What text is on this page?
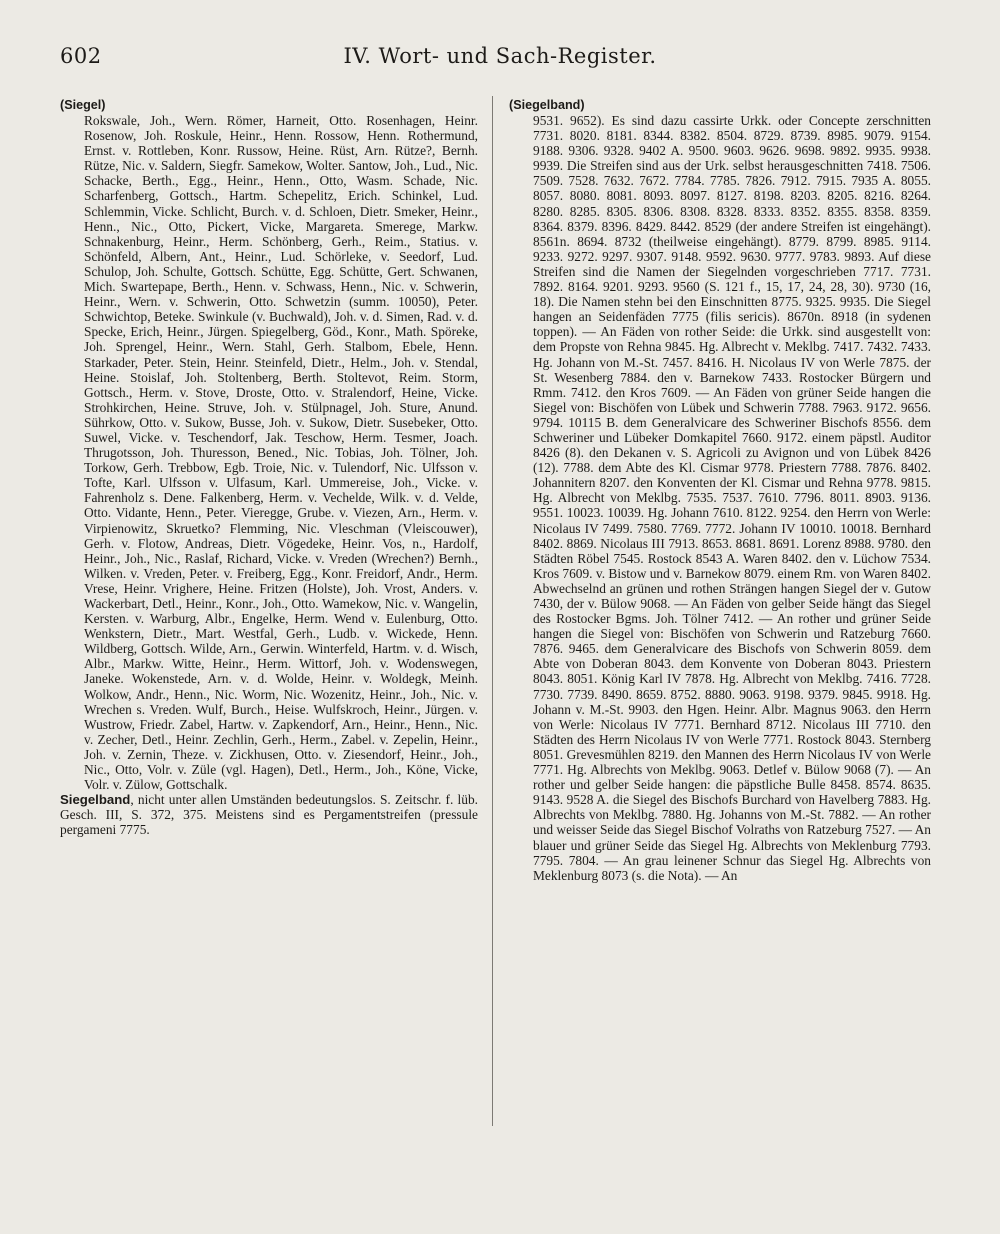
602	IV. Wort- und Sach-Register.
(Siegel)

Rokswale, Joh., Wern. Römer, Harneit, Otto. Rosenhagen, Heinr. Rosenow, Joh. Roskule, Heinr., Henn. Rossow, Henn. Rothermund, Ernst. v. Rottleben, Konr. Russow, Heine. Rüst, Arn. Rütze?, Bernh. Rütze, Nic. v. Saldern, Siegfr. Samekow, Wolter. Santow, Joh., Lud., Nic. Schacke, Berth., Egg., Heinr., Henn., Otto, Wasm. Schade, Nic. Scharfenberg, Gottsch., Hartm. Schepelitz, Erich. Schinkel, Lud. Schlemmin, Vicke. Schlicht, Burch. v. d. Schloen, Dietr. Smeker, Heinr., Henn., Nic., Otto, Pickert, Vicke, Margareta. Smerege, Markw. Schnakenburg, Heinr., Herm. Schönberg, Gerh., Reim., Statius. v. Schönfeld, Albern, Ant., Heinr., Lud. Schörleke, v. Seedorf, Lud. Schulop, Joh. Schulte, Gottsch. Schütte, Egg. Schütte, Gert. Schwanen, Mich. Swartepape, Berth., Henn. v. Schwass, Henn., Nic. v. Schwerin, Heinr., Wern. v. Schwerin, Otto. Schwetzin (summ. 10050), Peter. Schwichtop, Beteke. Swinkule (v. Buchwald), Joh. v. d. Simen, Rad. v. d. Specke, Erich, Heinr., Jürgen. Spiegelberg, Göd., Konr., Math. Spöreke, Joh. Sprengel, Heinr., Wern. Stahl, Gerh. Stalbom, Ebele, Henn. Starkader, Peter. Stein, Heinr. Steinfeld, Dietr., Helm., Joh. v. Stendal, Heine. Stoislaf, Joh. Stoltenberg, Berth. Stoltevot, Reim. Storm, Gottsch., Herm. v. Stove, Droste, Otto. v. Stralendorf, Heine, Vicke. Strohkirchen, Heine. Struve, Joh. v. Stülpnagel, Joh. Sture, Anund. Sührkow, Otto. v. Sukow, Busse, Joh. v. Sukow, Dietr. Susebeker, Otto. Suwel, Vicke. v. Teschendorf, Jak. Teschow, Herm. Tesmer, Joach. Thrugotsson, Joh. Thuresson, Bened., Nic. Tobias, Joh. Tölner, Joh. Torkow, Gerh. Trebbow, Egb. Troie, Nic. v. Tulendorf, Nic. Ulfsson v. Tofte, Karl. Ulfsson v. Ulfasum, Karl. Ummereise, Joh., Vicke. v. Fahrenholz s. Dene. Falkenberg, Herm. v. Vechelde, Wilk. v. d. Velde, Otto. Vidante, Henn., Peter. Vieregge, Grube. v. Viezen, Arn., Herm. v. Virpienowitz, Skruetko? Flemming, Nic. Vleschman (Vleiscouwer), Gerh. v. Flotow, Andreas, Dietr. Vögedeke, Heinr. Vos, n., Hardolf, Heinr., Joh., Nic., Raslaf, Richard, Vicke. v. Vreden (Wrechen?) Bernh., Wilken. v. Vreden, Peter. v. Freiberg, Egg., Konr. Freidorf, Andr., Herm. Vrese, Heinr. Vrighere, Heine. Fritzen (Holste), Joh. Vrost, Anders. v. Wackerbart, Detl., Heinr., Konr., Joh., Otto. Wamekow, Nic. v. Wangelin, Kersten. v. Warburg, Albr., Engelke, Herm. Wend v. Eulenburg, Otto. Wenkstern, Dietr., Mart. Westfal, Gerh., Ludb. v. Wickede, Henn. Wildberg, Gottsch. Wilde, Arn., Gerwin. Winterfeld, Hartm. v. d. Wisch, Albr., Markw. Witte, Heinr., Herm. Wittorf, Joh. v. Wodenswegen, Janeke. Wokenstede, Arn. v. d. Wolde, Heinr. v. Woldegk, Meinh. Wolkow, Andr., Henn., Nic. Worm, Nic. Wozenitz, Heinr., Joh., Nic. v. Wrechen s. Vreden. Wulf, Burch., Heise. Wulfskroch, Heinr., Jürgen. v. Wustrow, Friedr. Zabel, Hartw. v. Zapkendorf, Arn., Heinr., Henn., Nic. v. Zecher, Detl., Heinr. Zechlin, Gerh., Herm., Zabel. v. Zepelin, Heinr., Joh. v. Zernin, Theze. v. Zickhusen, Otto. v. Ziesendorf, Heinr., Joh., Nic., Otto, Volr. v. Züle (vgl. Hagen), Detl., Herm., Joh., Köne, Vicke, Volr. v. Zülow, Gottschalk.

Siegelband, nicht unter allen Umständen bedeutungslos. S. Zeitschr. f. lüb. Gesch. III, S. 372, 375. Meistens sind es Pergamentstreifen (pressule pergameni 7775.

(Siegelband)

9531. 9652). Es sind dazu cassirte Urkk. oder Concepte zerschnitten 7731. 8020. 8181. 8344. 8382. 8504. 8729. 8739. 8985. 9079. 9154. 9188. 9306. 9328. 9402 A. 9500. 9603. 9626. 9698. 9892. 9935. 9938. 9939. Die Streifen sind aus der Urk. selbst herausgeschnitten 7418. 7506. 7509. 7528. 7632. 7672. 7784. 7785. 7826. 7912. 7915. 7935 A. 8055. 8057. 8080. 8081. 8093. 8097. 8127. 8198. 8203. 8205. 8216. 8264. 8280. 8285. 8305. 8306. 8308. 8328. 8333. 8352. 8355. 8358. 8359. 8364. 8379. 8396. 8429. 8442. 8529 (der andere Streifen ist eingehängt). 8561n. 8694. 8732 (theilweise eingehängt). 8779. 8799. 8985. 9114. 9233. 9272. 9297. 9307. 9148. 9592. 9630. 9777. 9783. 9893. Auf diese Streifen sind die Namen der Siegelnden vorgeschrieben 7717. 7731. 7892. 8164. 9201. 9293. 9560 (S. 121 f., 15, 17, 24, 28, 30). 9730 (16, 18). Die Namen stehn bei den Einschnitten 8775. 9325. 9935. Die Siegel hangen an Seidenfäden 7775 (filis sericis). 8670n. 8918 (in sydenen toppen). — An Fäden von rother Seide: die Urkk. sind ausgestellt von: dem Propste von Rehna 9845. Hg. Albrecht v. Meklbg. 7417. 7432. 7433. Hg. Johann von M.-St. 7457. 8416. H. Nicolaus IV von Werle 7875. der St. Wesenberg 7884. den v. Barnekow 7433. Rostocker Bürgern und Rmm. 7412. den Kros 7609. — An Fäden von grüner Seide hangen die Siegel von: Bischöfen von Lübek und Schwerin 7788. 7963. 9172. 9656. 9794. 10115 B. dem Generalvicare des Schweriner Bischofs 8556. dem Schweriner und Lübeker Domkapitel 7660. 9172. einem päpstl. Auditor 8426 (8). den Dekanen v. S. Agricoli zu Avignon und von Lübek 8426 (12). 7788. dem Abte des Kl. Cismar 9778. Priestern 7788. 7876. 8402. Johannitern 8207. den Konventen der Kl. Cismar und Rehna 9778. 9815. Hg. Albrecht von Meklbg. 7535. 7537. 7610. 7796. 8011. 8903. 9136. 9551. 10023. 10039. Hg. Johann 7610. 8122. 9254. den Herrn von Werle: Nicolaus IV 7499. 7580. 7769. 7772. Johann IV 10010. 10018. Bernhard 8402. 8869. Nicolaus III 7913. 8653. 8681. 8691. Lorenz 8988. 9780. den Städten Röbel 7545. Rostock 8543 A. Waren 8402. den v. Lüchow 7534. Kros 7609. v. Bistow und v. Barnekow 8079. einem Rm. von Waren 8402. Abwechselnd an grünen und rothen Strängen hangen Siegel der v. Gutow 7430, der v. Bülow 9068. — An Fäden von gelber Seide hängt das Siegel des Rostocker Bgms. Joh. Tölner 7412. — An rother und grüner Seide hangen die Siegel von: Bischöfen von Schwerin und Ratzeburg 7660. 7876. 9465. dem Generalvicare des Bischofs von Schwerin 8059. dem Abte von Doberan 8043. dem Konvente von Doberan 8043. Priestern 8043. 8051. König Karl IV 7878. Hg. Albrecht von Meklbg. 7416. 7728. 7730. 7739. 8490. 8659. 8752. 8880. 9063. 9198. 9379. 9845. 9918. Hg. Johann v. M.-St. 9903. den Hgen. Heinr. Albr. Magnus 9063. den Herrn von Werle: Nicolaus IV 7771. Bernhard 8712. Nicolaus III 7710. den Städten des Herrn Nicolaus IV von Werle 7771. Rostock 8043. Sternberg 8051. Grevesmühlen 8219. den Mannen des Herrn Nicolaus IV von Werle 7771. Hg. Albrechts von Meklbg. 9063. Detlef v. Bülow 9068 (7). — An rother und gelber Seide hangen: die päpstliche Bulle 8458. 8574. 8635. 9143. 9528 A. die Siegel des Bischofs Burchard von Havelberg 7883. Hg. Albrechts von Meklbg. 7880. Hg. Johanns von M.-St. 7882. — An rother und weisser Seide das Siegel Bischof Volraths von Ratzeburg 7527. — An blauer und grüner Seide das Siegel Hg. Albrechts von Meklenburg 7793. 7795. 7804. — An grau leinener Schnur das Siegel Hg. Albrechts von Meklenburg 8073 (s. die Nota). — An
